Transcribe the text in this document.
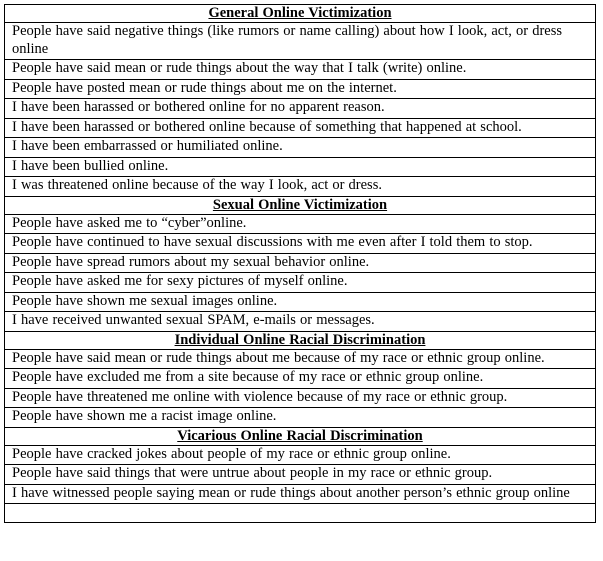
General Online Victimization
People have said negative things (like rumors or name calling) about how I look, act, or dress online
People have said mean or rude things about the way that I talk (write) online.
People have posted mean or rude things about me on the internet.
I have been harassed or bothered online for no apparent reason.
I have been harassed or bothered online because of something that happened at school.
I have been embarrassed or humiliated online.
I have been bullied online.
I was threatened online because of the way I look, act or dress.
Sexual Online Victimization
People have asked me to “cyber”online.
People have continued to have sexual discussions with me even after I told them to stop.
People have spread rumors about my sexual behavior online.
People have asked me for sexy pictures of myself online.
People have shown me sexual images online.
I have received unwanted sexual SPAM, e-mails or messages.
Individual Online Racial Discrimination
People have said mean or rude things about me because of my race or ethnic group online.
People have excluded me from a site because of my race or ethnic group online.
People have threatened me online with violence because of my race or ethnic group.
People have shown me a racist image online.
Vicarious Online Racial Discrimination
People have cracked jokes about people of my race or ethnic group online.
People have said things that were untrue about people in my race or ethnic group.
I have witnessed people saying mean or rude things about another person’s ethnic group online
